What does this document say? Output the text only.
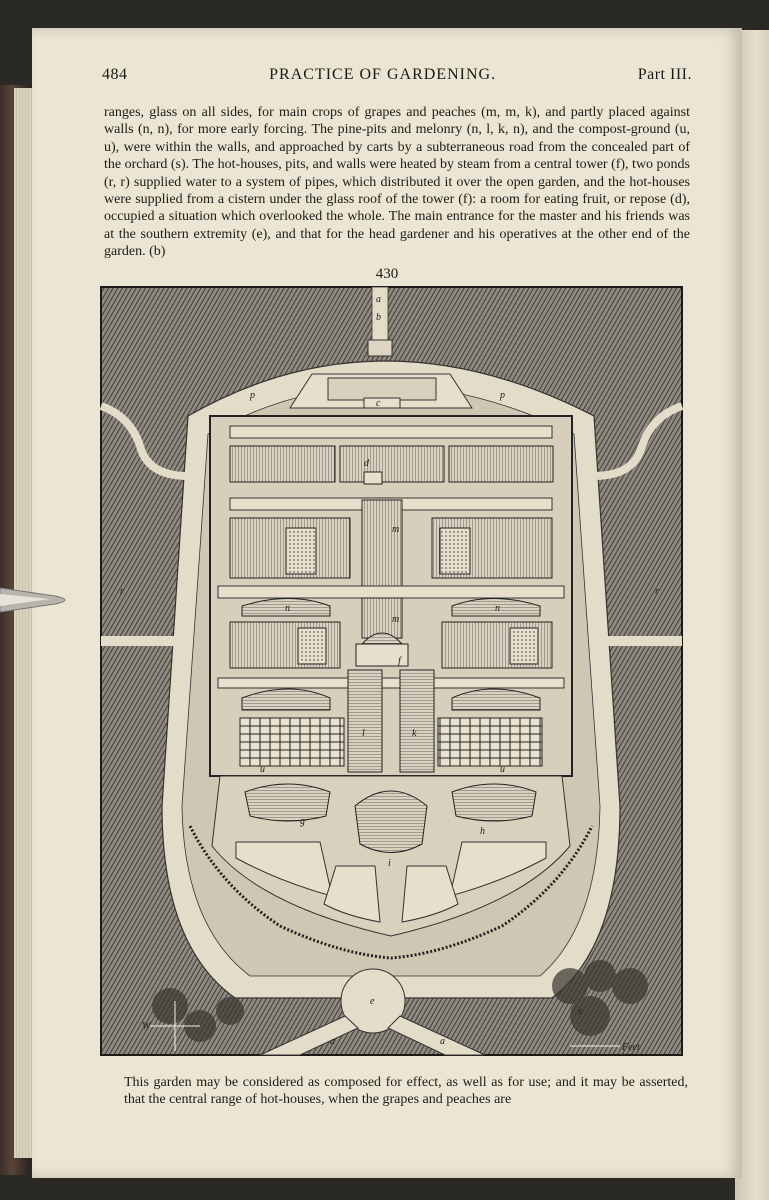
484	PRACTICE OF GARDENING.	Part III.

ranges, glass on all sides, for main crops of grapes and peaches (m, m, k), and partly placed against walls (n, n), for more early forcing. The pine-pits and melonry (n, l, k, n), and the compost-ground (u, u), were within the walls, and approached by carts by a subterraneous road from the concealed part of the orchard (s). The hot-houses, pits, and walls were heated by steam from a central tower (f), two ponds (r, r) supplied water to a system of pipes, which distributed it over the open garden, and the hot-houses were supplied from a cistern under the glass roof of the tower (f): a room for eating fruit, or repose (d), occupied a situation which overlooked the whole. The main entrance for the master and his friends was at the southern extremity (e), and that for the head gardener and his operatives at the other end of the garden. (b)

430
W
Feet
a
b
c
d
e
f
g
h
i
k
l
m
m
n	n
p	p
r	r
s
a	a
u	u

This garden may be considered as composed for effect, as well as for use; and it may be asserted, that the central range of hot-houses, when the grapes and peaches are
